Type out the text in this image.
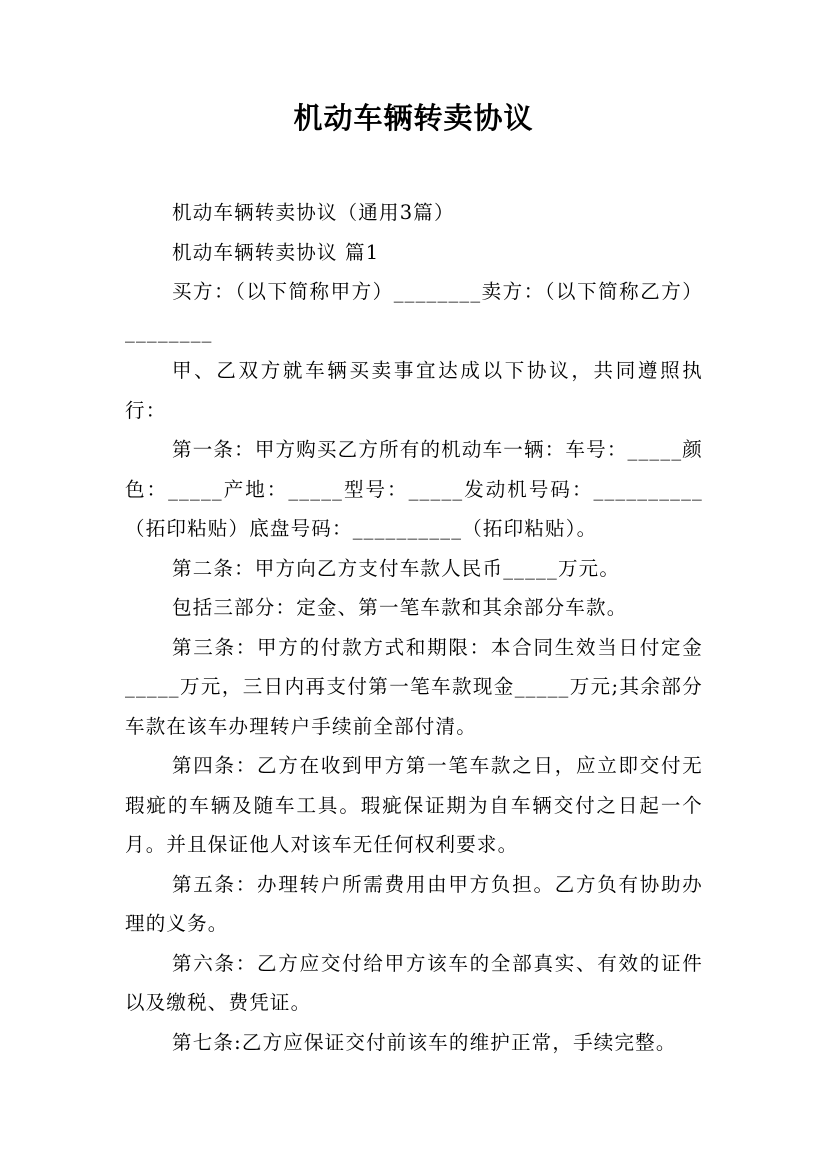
机动车辆转卖协议

机动车辆转卖协议（通用3篇）

机动车辆转卖协议 篇1

买方：（以下简称甲方）________卖方：（以下简称乙方）________

甲、乙双方就车辆买卖事宜达成以下协议，共同遵照执行：

第一条：甲方购买乙方所有的机动车一辆：车号：_____颜色：_____产地：_____型号：_____发动机号码：__________（拓印粘贴）底盘号码：__________（拓印粘贴）。

第二条：甲方向乙方支付车款人民币_____万元。

包括三部分：定金、第一笔车款和其余部分车款。

第三条：甲方的付款方式和期限：本合同生效当日付定金_____万元，三日内再支付第一笔车款现金_____万元;其余部分车款在该车办理转户手续前全部付清。

第四条：乙方在收到甲方第一笔车款之日，应立即交付无瑕疵的车辆及随车工具。瑕疵保证期为自车辆交付之日起一个月。并且保证他人对该车无任何权利要求。

第五条：办理转户所需费用由甲方负担。乙方负有协助办理的义务。

第六条：乙方应交付给甲方该车的全部真实、有效的证件以及缴税、费凭证。

第七条:乙方应保证交付前该车的维护正常，手续完整。
